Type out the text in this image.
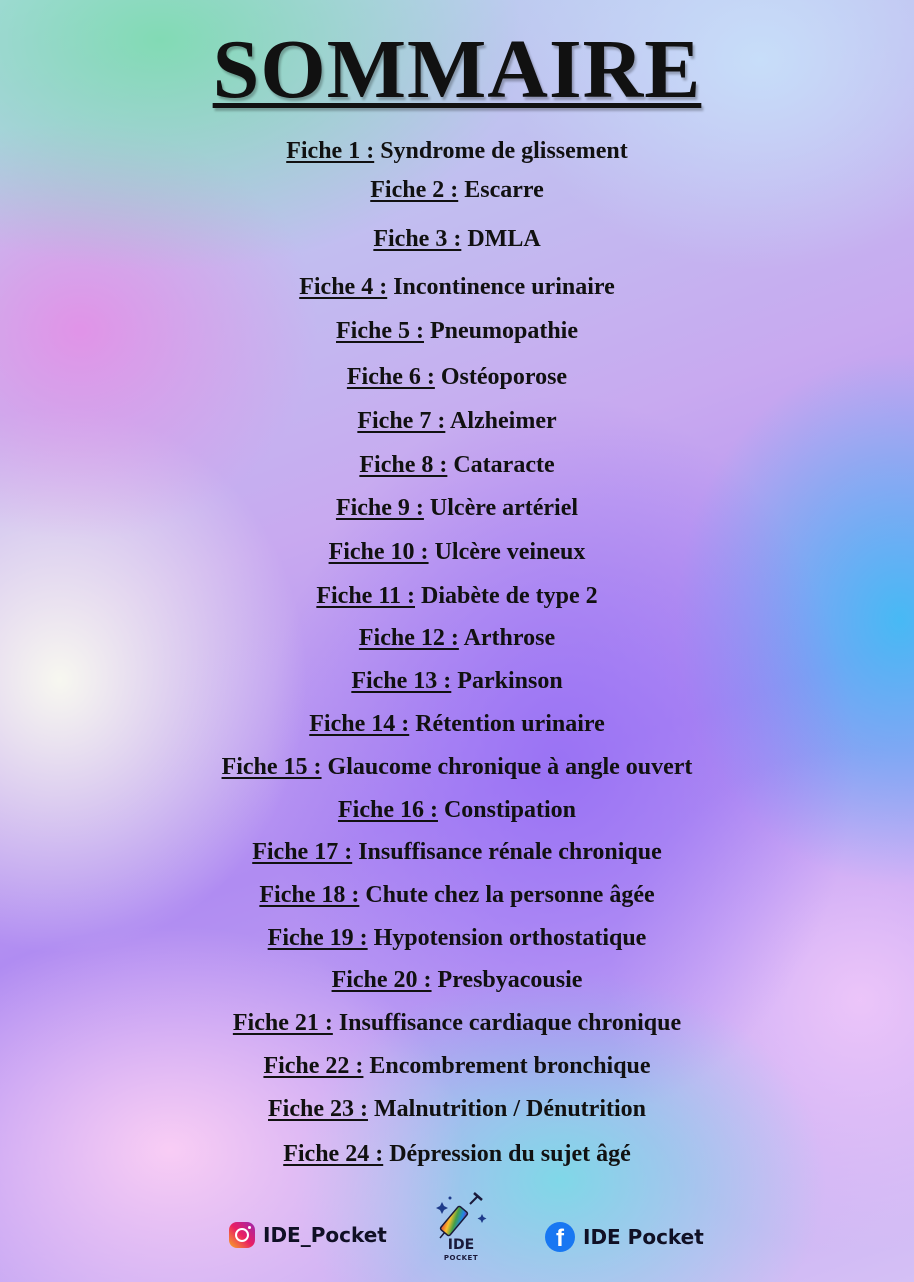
SOMMAIRE
Fiche 1 : Syndrome de glissement
Fiche 2 : Escarre
Fiche 3 : DMLA
Fiche 4 : Incontinence urinaire
Fiche 5 : Pneumopathie
Fiche 6 : Ostéoporose
Fiche 7 : Alzheimer
Fiche 8 : Cataracte
Fiche 9 : Ulcère artériel
Fiche 10 : Ulcère veineux
Fiche 11 : Diabète de type 2
Fiche 12 : Arthrose
Fiche 13 : Parkinson
Fiche 14 : Rétention urinaire
Fiche 15 : Glaucome chronique à angle ouvert
Fiche 16 : Constipation
Fiche 17 : Insuffisance rénale chronique
Fiche 18 : Chute chez la personne âgée
Fiche 19 : Hypotension orthostatique
Fiche 20 : Presbyacousie
Fiche 21 : Insuffisance cardiaque chronique
Fiche 22 : Encombrement bronchique
Fiche 23 : Malnutrition / Dénutrition
Fiche 24 : Dépression du sujet âgé
IDE_Pocket	IDE
POCKET
f IDE Pocket
